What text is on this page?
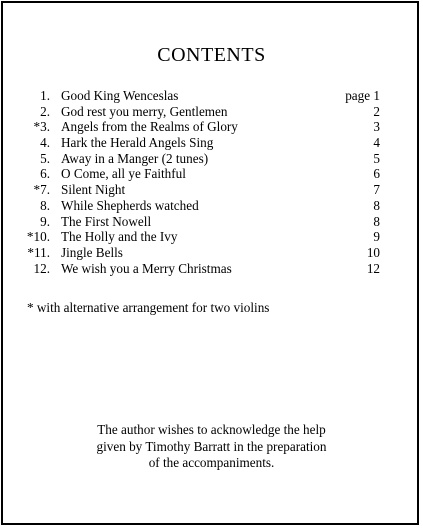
CONTENTS
1. Good King Wenceslas	page 1
2. God rest you merry, Gentlemen	2
*3. Angels from the Realms of Glory	3
4. Hark the Herald Angels Sing	4
5. Away in a Manger (2 tunes)	5
6. O Come, all ye Faithful	6
*7. Silent Night	7
8. While Shepherds watched	8
9. The First Nowell	8
*10. The Holly and the Ivy	9
*11. Jingle Bells	10
12. We wish you a Merry Christmas	12
* with alternative arrangement for two violins
The author wishes to acknowledge the help
given by Timothy Barratt in the preparation
of the accompaniments.
